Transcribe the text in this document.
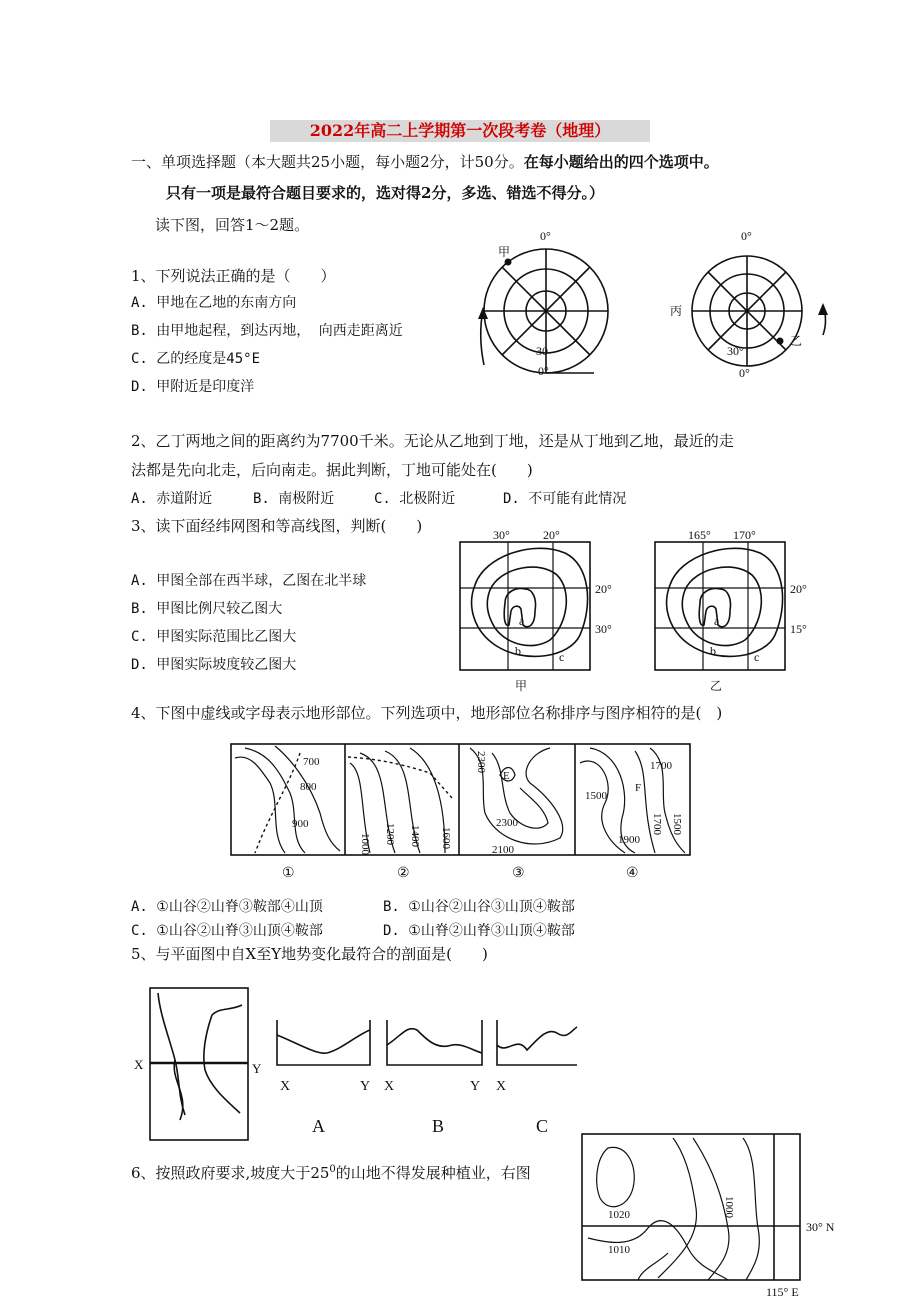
2022年高二上学期第一次段考卷（地理）
一、单项选择题（本大题共25小题，每小题2分，计50分。在每小题给出的四个选项中。
只有一项是最符合题目要求的，选对得2分，多选、错选不得分。）
读下图，回答1～2题。
1、下列说法正确的是（　　）
A. 甲地在乙地的东南方向
B. 由甲地起程，到达丙地， 向西走距离近
C. 乙的经度是45°E
D. 甲附近是印度洋
0°
0°
30
甲
0°
0°
30°
丙
乙
2、乙丁两地之间的距离约为7700千米。无论从乙地到丁地，还是从丁地到乙地，最近的走
法都是先向北走，后向南走。据此判断，丁地可能处在(　　)
A. 赤道附近	B. 南极附近	C. 北极附近	D. 不可能有此情况
3、读下面经纬网图和等高线图，判断(　　)
A. 甲图全部在西半球，乙图在北半球
B. 甲图比例尺较乙图大
C. 甲图实际范围比乙图大
D. 甲图实际坡度较乙图大
a
b	c
30°	20°
20°
30°
甲
a
b	c
165° 170°
20°
15°
乙
4、下图中虚线或字母表示地形部位。下列选项中，地形部位名称排序与图序相符的是(　)
700
800
900
1000 1200 1400 1600
2300
E
2300
2100
1700
1500
F
1700 1500
1900
①	②	③	④
A. ①山谷②山脊③鞍部④山顶	B. ①山谷②山谷③山顶④鞍部
C. ①山谷②山脊③山顶④鞍部	D. ①山脊②山脊③山顶④鞍部
5、与平面图中自X至Y地势变化最符合的剖面是(　　)
X	Y
X	Y X	Y X
A	B	C
6、按照政府要求,坡度大于$25^0$的山地不得发展种植业，右图
1020	1000
1010
30° N
115° E
